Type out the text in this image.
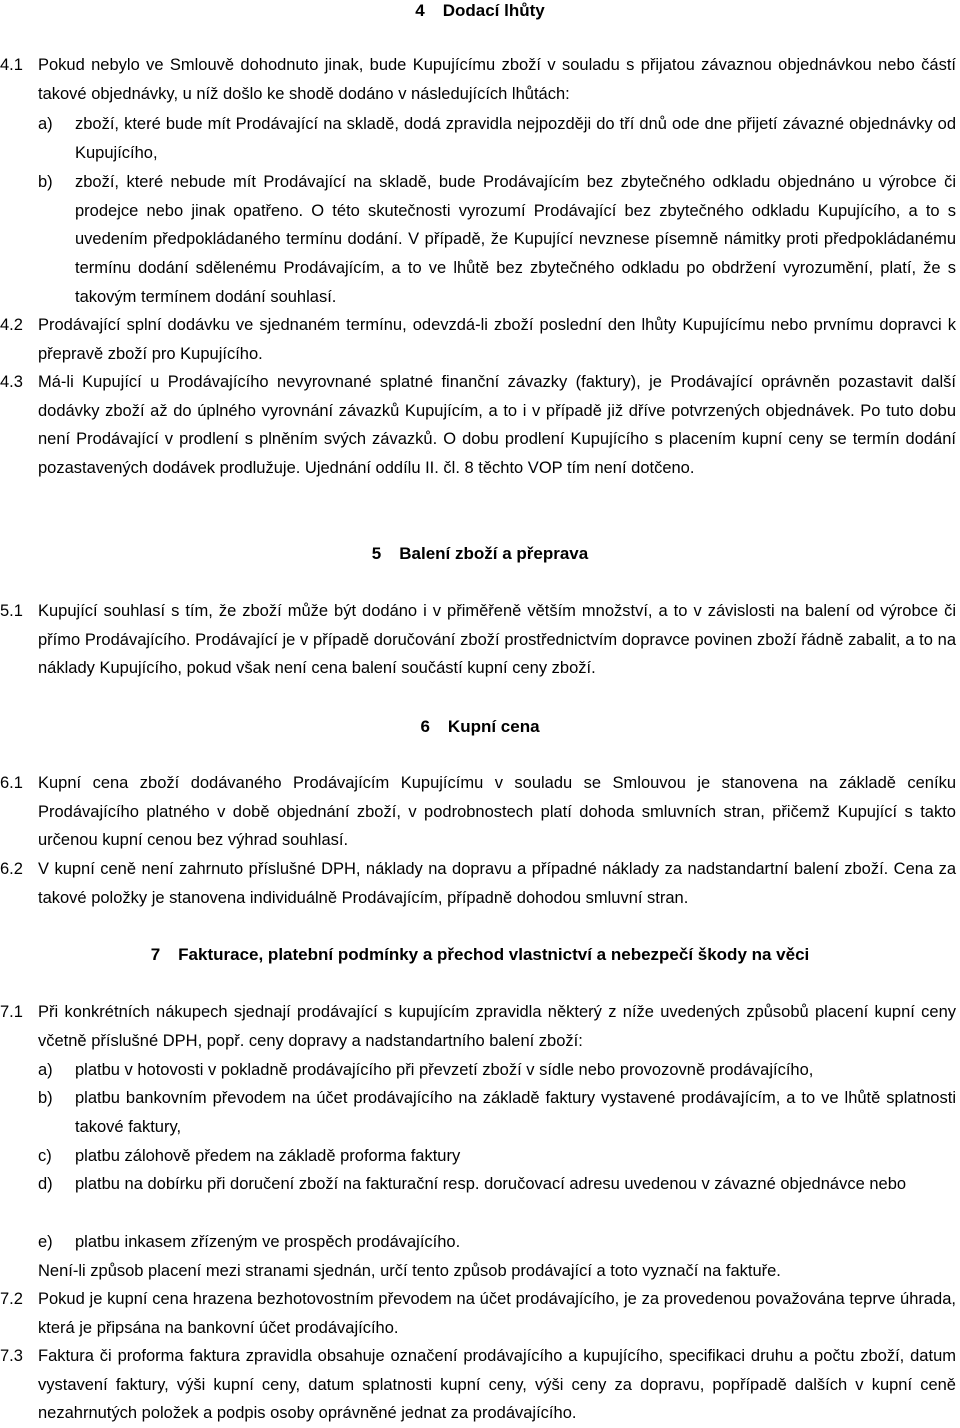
4 Dodací lhůty
4.1 Pokud nebylo ve Smlouvě dohodnuto jinak, bude Kupujícímu zboží v souladu s přijatou závaznou objednávkou nebo částí takové objednávky, u níž došlo ke shodě dodáno v následujících lhůtách:
a) zboží, které bude mít Prodávající na skladě, dodá zpravidla nejpozději do tří dnů ode dne přijetí závazné objednávky od Kupujícího,
b) zboží, které nebude mít Prodávající na skladě, bude Prodávajícím bez zbytečného odkladu objednáno u výrobce či prodejce nebo jinak opatřeno. O této skutečnosti vyrozumí Prodávající bez zbytečného odkladu Kupujícího, a to s uvedením předpokládaného termínu dodání. V případě, že Kupující nevznese písemně námitky proti předpokládanému termínu dodání sdělenému Prodávajícím, a to ve lhůtě bez zbytečného odkladu po obdržení vyrozumění, platí, že s takovým termínem dodání souhlasí.
4.2 Prodávající splní dodávku ve sjednaném termínu, odevzdá-li zboží poslední den lhůty Kupujícímu nebo prvnímu dopravci k přepravě zboží pro Kupujícího.
4.3 Má-li Kupující u Prodávajícího nevyrovnané splatné finanční závazky (faktury), je Prodávající oprávněn pozastavit další dodávky zboží až do úplného vyrovnání závazků Kupujícím, a to i v případě již dříve potvrzených objednávek. Po tuto dobu není Prodávající v prodlení s plněním svých závazků. O dobu prodlení Kupujícího s placením kupní ceny se termín dodání pozastavených dodávek prodlužuje. Ujednání oddílu II. čl. 8 těchto VOP tím není dotčeno.
5 Balení zboží a přeprava
5.1 Kupující souhlasí s tím, že zboží může být dodáno i v přiměřeně větším množství, a to v závislosti na balení od výrobce či přímo Prodávajícího. Prodávající je v případě doručování zboží prostřednictvím dopravce povinen zboží řádně zabalit, a to na náklady Kupujícího, pokud však není cena balení součástí kupní ceny zboží.
6 Kupní cena
6.1 Kupní cena zboží dodávaného Prodávajícím Kupujícímu v souladu se Smlouvou je stanovena na základě ceníku Prodávajícího platného v době objednání zboží, v podrobnostech platí dohoda smluvních stran, přičemž Kupující s takto určenou kupní cenou bez výhrad souhlasí.
6.2 V kupní ceně není zahrnuto příslušné DPH, náklady na dopravu a případné náklady za nadstandartní balení zboží. Cena za takové položky je stanovena individuálně Prodávajícím, případně dohodou smluvní stran.
7 Fakturace, platební podmínky a přechod vlastnictví a nebezpečí škody na věci
7.1 Při konkrétních nákupech sjednají prodávající s kupujícím zpravidla některý z níže uvedených způsobů placení kupní ceny včetně příslušné DPH, popř. ceny dopravy a nadstandartního balení zboží:
a) platbu v hotovosti v pokladně prodávajícího při převzetí zboží v sídle nebo provozovně prodávajícího,
b) platbu bankovním převodem na účet prodávajícího na základě faktury vystavené prodávajícím, a to ve lhůtě splatnosti takové faktury,
c) platbu zálohově předem na základě proforma faktury
d) platbu na dobírku při doručení zboží na fakturační resp. doručovací adresu uvedenou v závazné objednávce nebo
e) platbu inkasem zřízeným ve prospěch prodávajícího.
Není-li způsob placení mezi stranami sjednán, určí tento způsob prodávající a toto vyznačí na faktuře.
7.2 Pokud je kupní cena hrazena bezhotovostním převodem na účet prodávajícího, je za provedenou považována teprve úhrada, která je připsána na bankovní účet prodávajícího.
7.3 Faktura či proforma faktura zpravidla obsahuje označení prodávajícího a kupujícího, specifikaci druhu a počtu zboží, datum vystavení faktury, výši kupní ceny, datum splatnosti kupní ceny, výši ceny za dopravu, popřípadě dalších v kupní ceně nezahrnutých položek a podpis osoby oprávněné jednat za prodávajícího.
